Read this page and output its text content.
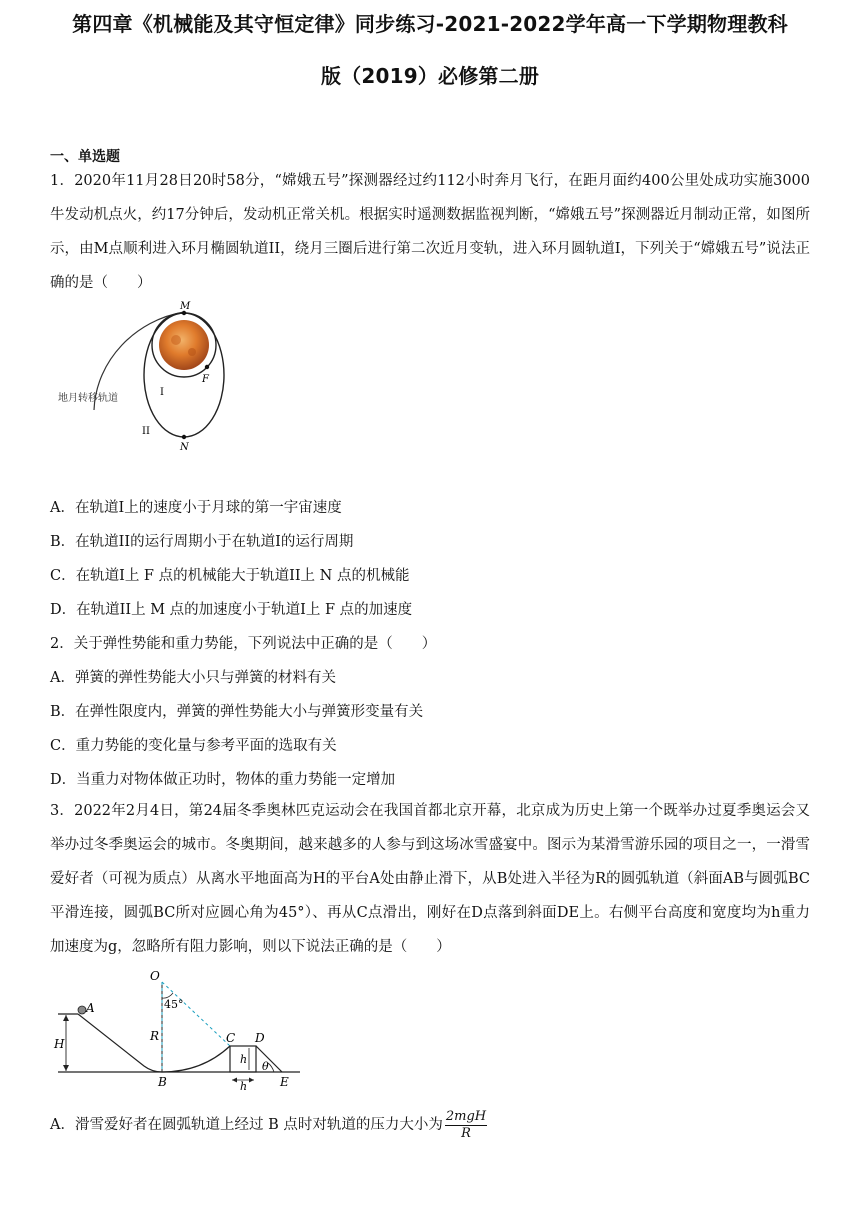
第四章《机械能及其守恒定律》同步练习-2021-2022学年高一下学期物理教科
版（2019）必修第二册
一、单选题
1．2020年11月28日20时58分，“嫦娥五号”探测器经过约112小时奔月飞行，在距月面约400公里处成功实施3000牛发动机点火，约17分钟后，发动机正常关机。根据实时遥测数据监视判断，“嫦娥五号”探测器近月制动正常，如图所示，由M点顺利进入环月椭圆轨道II，绕月三圈后进行第二次近月变轨，进入环月圆轨道I，下列关于“嫦娥五号”说法正确的是（　　）
M
F
N
I
II
地月转移轨道
A．在轨道I上的速度小于月球的第一宇宙速度
B．在轨道II的运行周期小于在轨道I的运行周期
C．在轨道I上 F 点的机械能大于轨道II上 N 点的机械能
D．在轨道II上 M 点的加速度小于轨道I上 F 点的加速度
2．关于弹性势能和重力势能，下列说法中正确的是（　　）
A．弹簧的弹性势能大小只与弹簧的材料有关
B．在弹性限度内，弹簧的弹性势能大小与弹簧形变量有关
C．重力势能的变化量与参考平面的选取有关
D．当重力对物体做正功时，物体的重力势能一定增加
3．2022年2月4日，第24届冬季奥林匹克运动会在我国首都北京开幕，北京成为历史上第一个既举办过夏季奥运会又举办过冬季奥运会的城市。冬奥期间，越来越多的人参与到这场冰雪盛宴中。图示为某滑雪游乐园的项目之一，一滑雪爱好者（可视为质点）从离水平地面高为H的平台A处由静止滑下，从B处进入半径为R的圆弧轨道（斜面AB与圆弧BC平滑连接，圆弧BC所对应圆心角为45°）、再从C点滑出，刚好在D点落到斜面DE上。右侧平台高度和宽度均为h重力加速度为g，忽略所有阻力影响，则以下说法正确的是（　　）
O
45°
A
H
R
B
C D
h
h
θ
E
A．滑雪爱好者在圆弧轨道上经过 B 点时对轨道的压力大小为 $\frac{\text{2mgH}}{R}$
